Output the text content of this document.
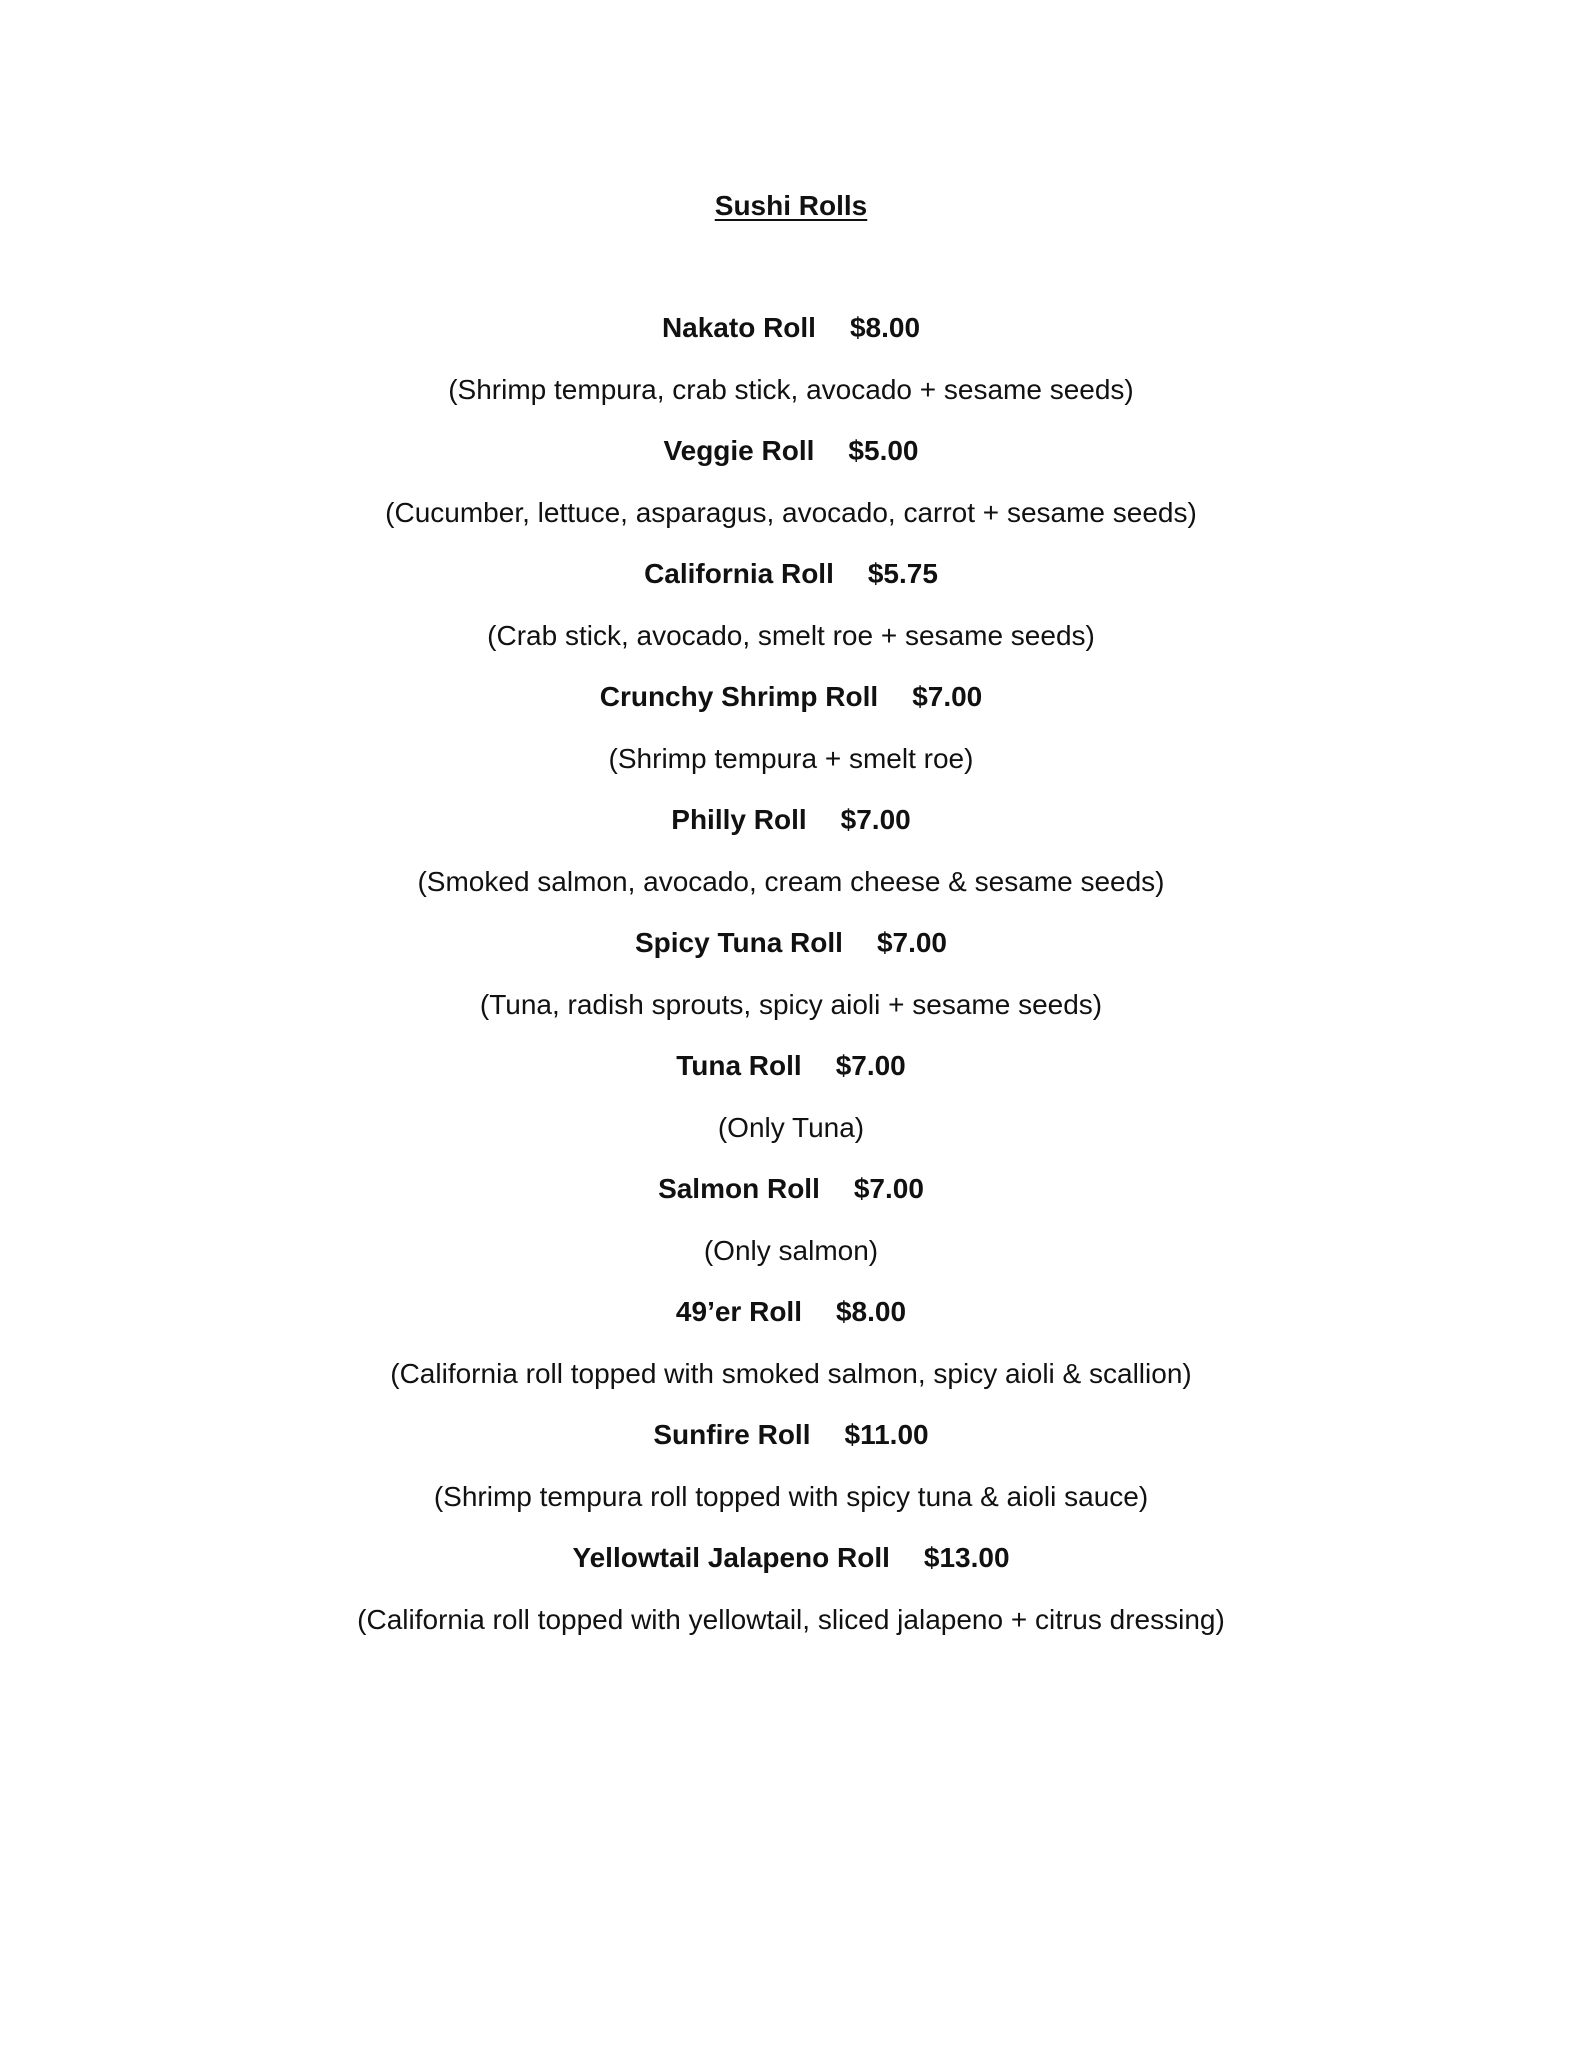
Sushi Rolls
Nakato Roll $8.00
(Shrimp tempura, crab stick, avocado + sesame seeds)
Veggie Roll $5.00
(Cucumber, lettuce, asparagus, avocado, carrot + sesame seeds)
California Roll $5.75
(Crab stick, avocado, smelt roe + sesame seeds)
Crunchy Shrimp Roll $7.00
(Shrimp tempura + smelt roe)
Philly Roll $7.00
(Smoked salmon, avocado, cream cheese & sesame seeds)
Spicy Tuna Roll $7.00
(Tuna, radish sprouts, spicy aioli + sesame seeds)
Tuna Roll $7.00
(Only Tuna)
Salmon Roll $7.00
(Only salmon)
49’er Roll $8.00
(California roll topped with smoked salmon, spicy aioli & scallion)
Sunfire Roll $11.00
(Shrimp tempura roll topped with spicy tuna & aioli sauce)
Yellowtail Jalapeno Roll $13.00
(California roll topped with yellowtail, sliced jalapeno + citrus dressing)
